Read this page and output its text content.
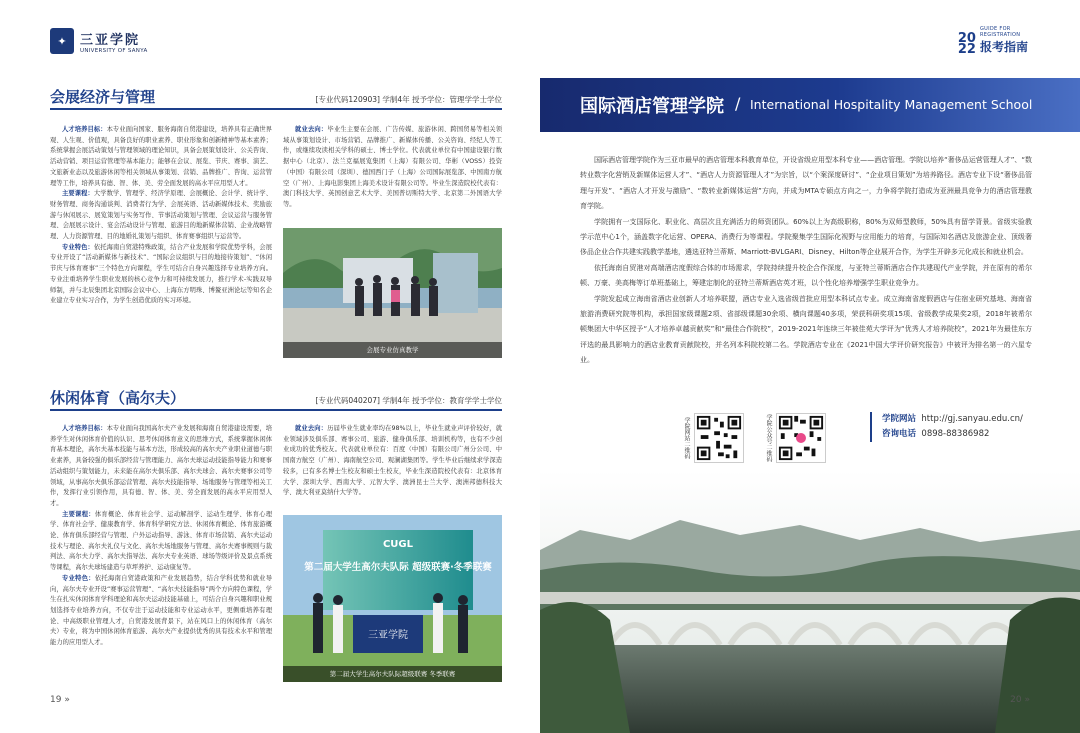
✦	三亚学院
UNIVERSITY OF SANYA
会展经济与管理	[专业代码120903] 学制4年 授予学位：管理学学士学位

人才培养目标：本专业面向国家、服务海南自贸港建设，培养具有正确世界观、人生观、价值观，具备良好的职业素养、职业形象和创新精神等基本素养；系统掌握会展活动策划与管理领域的理论知识，具备会展策划设计、公关咨询、活动营销、项目运营管理等基本能力；能够在会议、展览、节庆、赛事、演艺、文旅新业态以及旅游休闲等相关领域从事策划、营销、品牌推广、咨询、运营管理等工作，培养具有德、智、体、美、劳全面发展的高水平应用型人才。

主要课程：大学数学、管理学、经济学原理、会展概论、会计学、统计学、财务管理、商务沟通谈判、消费者行为学、会展英语、活动新媒体技术、奖励旅游与休闲展示、展览策划与实务写作、节事活动策划与管理、会议运营与服务管理、会展展示设计、宴会活动设计与管理、旅游目的地新媒体营销、企业战略管理、人力资源管理、目的地婚礼策划与组织、体育赛事组织与运营等。

专业特色：依托海南自贸港特殊政策，结合产业发展和学院优势学科，会展专业开设了“活动新媒体与新技术”、“国际会议组织与目的地接待策划”、“休闲节庆与体育赛事”三个特色方向课程，学生可结合自身兴趣选择专业培养方向。专业注重培养学生职业发展的核心竞争力和可持续发展力，推行学术-实践双导师制，并与北辰集团北京国际会议中心、上海东方明珠、博鳌亚洲论坛等知名企业建立专业实习合作，为学生创造优质的实习环境。

就业去向：毕业生主要在会展、广告传媒、旅游休闲、跨国贸易等相关领域从事策划设计、市场营销、品牌推广、新媒体传播、公关咨询、经纪人等工作，或继续攻读相关学科的硕士、博士学位。代表就业单位有中国建设银行数据中心（北京）、法兰克福展览集团（上海）有限公司、华彬（VOSS）投资（中国）有限公司（深圳）、德国西门子（上海）公司国际展览部、中国南方航空（广州）、上海电影集团上海美术设计有限公司等。毕业生深造院校代表有：澳门科技大学、英国创意艺术大学、美国普切斯特大学、北京第二外国语大学等。

会展专业仿真教学
休闲体育（高尔夫）	[专业代码040207] 学制4年 授予学位：教育学学士学位

人才培养目标：本专业面向我国高尔夫产业发展和海南自贸港建设需要，培养学生对休闲体育价值的认识、思考休闲体育意义的思维方式，系统掌握休闲体育基本理论，高尔夫基本技能与基本方法，形成较高的高尔夫产业职业道德与职业素养，具备较强的俱乐部经营与管理能力、高尔夫球运动技能指导能力和赛事活动组织与策划能力，未来能在高尔夫俱乐部、高尔夫球会、高尔夫赛事公司等领域，从事高尔夫俱乐部运营管理、高尔夫技能指导、场地服务与管理等相关工作，发挥行业引领作用，具有德、智、体、美、劳全面发展的高水平应用型人才。

主要课程：体育概论、体育社会学、运动解剖学、运动生理学、体育心理学、体育社会学、健康教育学、体育科学研究方法、休闲体育概论、体育旅游概论、体育俱乐部经营与管理、户外运动指导、游泳、体育市场营销、高尔夫运动技术与理论、高尔夫礼仪与文化、高尔夫场地服务与管理、高尔夫赛事规则与裁判法、高尔夫力学、高尔夫指导法、高尔夫专业英语、球场等级评价及景点系统等课程，高尔夫球场建造与草坪养护、运动康复等。

专业特色：依托海南自贸港政策和产业发展趋势，结合学科优势和就业导向，高尔夫专业开设“赛事运营管理”、“高尔夫技能指导”两个方向特色课程，学生在扎实休闲体育学科理论和高尔夫运动技能基础上，可结合自身兴趣和职业规划选择专业培养方向，不仅专注于运动技能和专业运动水平，更侧重培养有理论、中高级职业管理人才，自贸港发展背景下，站在风口上的休闲体育（高尔夫）专业，将为中国休闲体育旅游、高尔夫产业提供优秀的具有技术水平和管理能力的应用型人才。

就业去向：历届毕业生就业率均在98%以上，毕业生就业声评价较好，就业领域涉及俱乐部、赛事公司、旅游、健身俱乐部、培训机构等，也有不少创业成功的优秀校友。代表就业单位有：百度（中国）有限公司广州分公司、中国南方航空（广州）、海南航空公司、观澜湖集团等。学生毕业后继续求学深造较多，已有多名博士生校友和硕士生校友，毕业生深造院校代表有：北京体育大学、深圳大学、西南大学、元智大学、澳洲昆士兰大学、澳洲邦德科技大学、澳大利亚莫纳什大学等。

CUGL
第二届大学生高尔夫队际 超级联赛·冬季联赛
三亚学院
第二届大学生高尔夫队际超级联赛 冬季联赛
19 »
20
22
GUIDE FOR
REGISTRATION
报考指南
国际酒店管理学院 / International Hospitality Management School

国际酒店管理学院作为三亚市最早的酒店管理本科教育单位，开设省级应用型本科专业——酒店管理。学院以培养“奢侈品运营管理人才”、“数转业数字化营销及新媒体运营人才”、“酒店人力资源管理人才”为宗旨，以“个案深度研讨”、“企业项目策划”为培养路径。酒店专业下设“奢侈品管理与开发”、“酒店人才开发与激励”、“数转业新媒体运营”方向，并成为MTA专硕点方向之一，力争将学院打造成为亚洲最具竞争力的酒店管理教育学院。

学院拥有一支国际化、职业化、高层次且充满活力的师资团队。60%以上为高级职称，80%为双师型教师，50%具有留学背景。省级实验教学示范中心1个，涵盖数字化运营、OPERA、消费行为等课程。学院聚集学生国际化视野与应用能力的培育，与国际知名酒店及旅游企业、顶级奢侈品企业合作共建实践教学基地，遴选亚特兰蒂斯、Marriott-BVLGARI、Disney、Hilton等企业展开合作，为学生开辟多元化成长和就业机会。

依托海南自贸港对高端酒店度假综合体的市场需求，学院持续提升校企合作深度，与亚特兰蒂斯酒店合作共建现代产业学院，并在原有的希尔顿、万豪、美高梅等订单班基础上，筹建定制化的亚特兰蒂斯酒店英才班，以个性化培养增强学生职业竞争力。

学院发起成立海南省酒店业创新人才培养联盟，酒店专业入选省级首批应用型本科试点专业。成立海南省度假酒店与住宿业研究基地、海南省旅游消费研究院等机构，承担国家级课题2项、省部级课题30余项、横向课题40多项，荣获科研奖项15项、省级教学成果奖2项，2018年被希尔顿集团大中华区授予“人才培养卓越贡献奖”和“最佳合作院校”，2019-2021年连续三年被佳苑大学评为“优秀人才培养院校”，2021年为最佳东方评选的最具影响力的酒店业教育贡献院校，并名列本科院校第二名。学院酒店专业在《2021中国大学评价研究报告》中被评为排名第一的六星专业。

学院网站二维码	学院公众号二维码	学院网站 http://gj.sanyau.edu.cn/
咨询电话 0898-88386982
20 »
